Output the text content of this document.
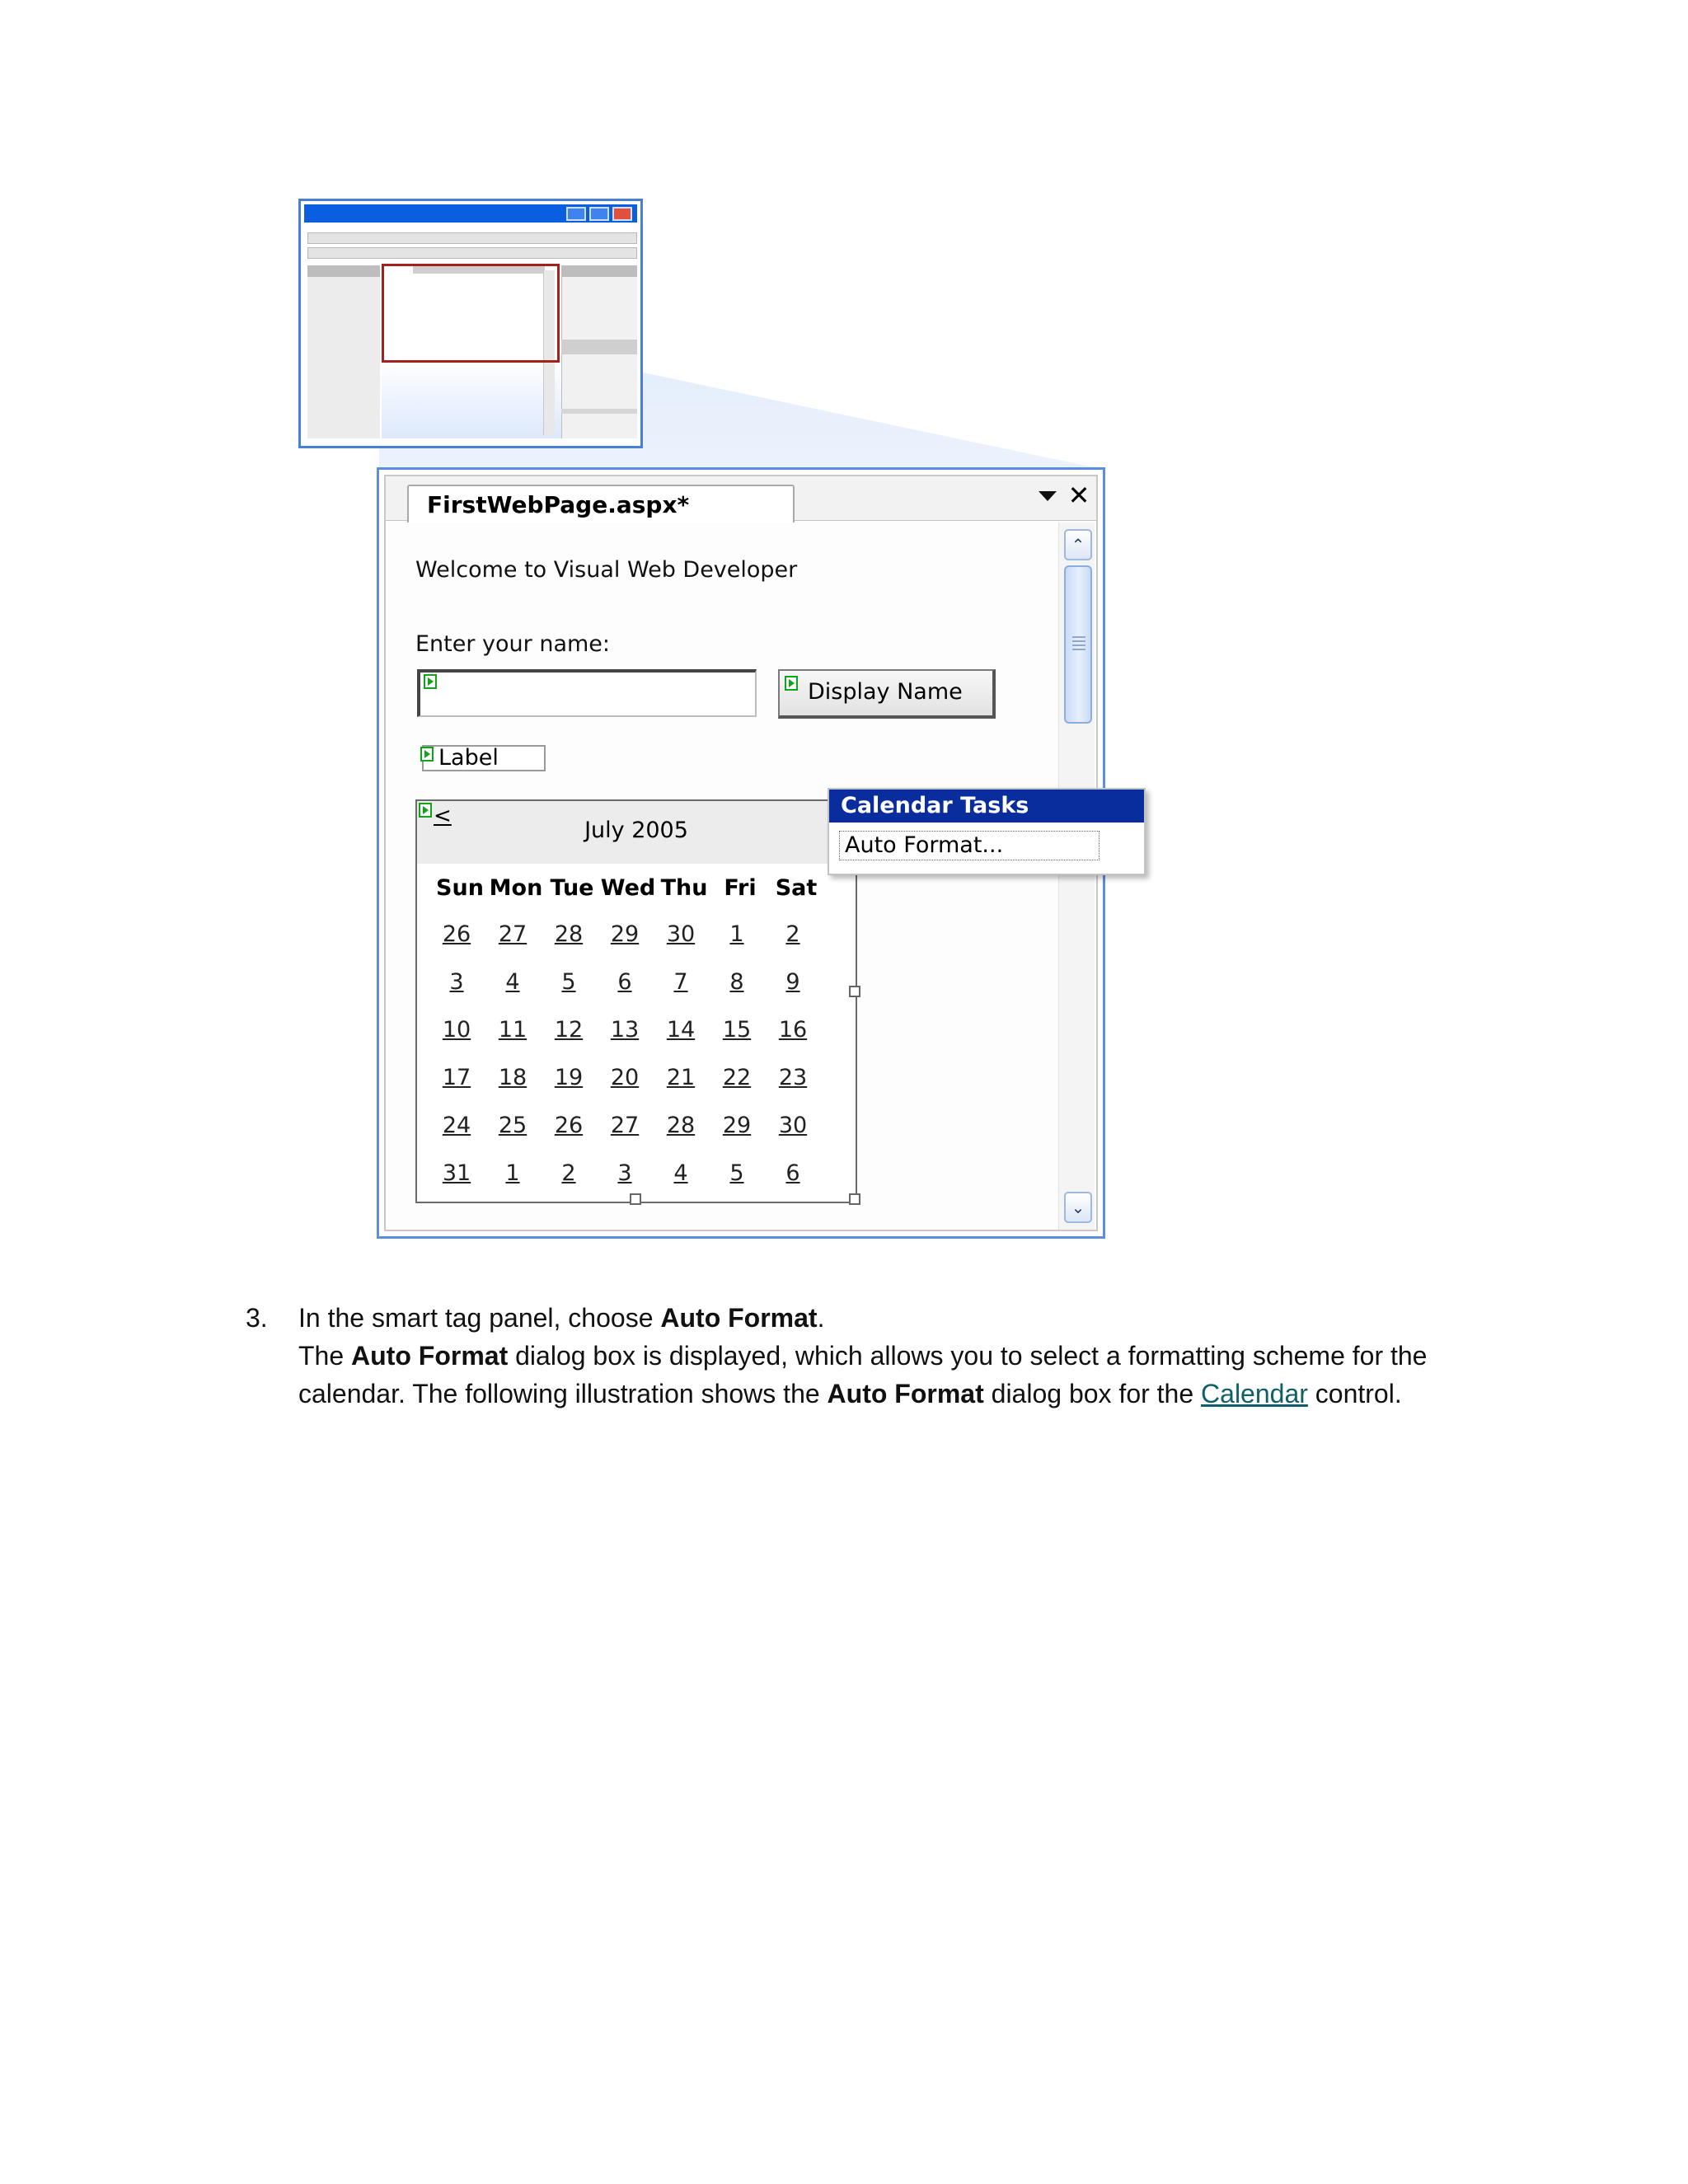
FirstWebPage.aspx*	✕
Welcome to Visual Web Developer
Enter your name:
Display Name
Label
<
July 2005
Sun Mon Tue Wed Thu Fri Sat
26	27	28	29	30	1	2
3	4	5	6	7	8	9
10	11	12	13	14	15	16
17	18	19	20	21	22	23
24	25	26	27	28	29	30
31	1	2	3	4	5	6
⌃
⌄
Calendar Tasks
Auto Format...
3. In the smart tag panel, choose Auto Format.
The Auto Format dialog box is displayed, which allows you to select a formatting scheme for the
calendar. The following illustration shows the Auto Format dialog box for the Calendar control.
